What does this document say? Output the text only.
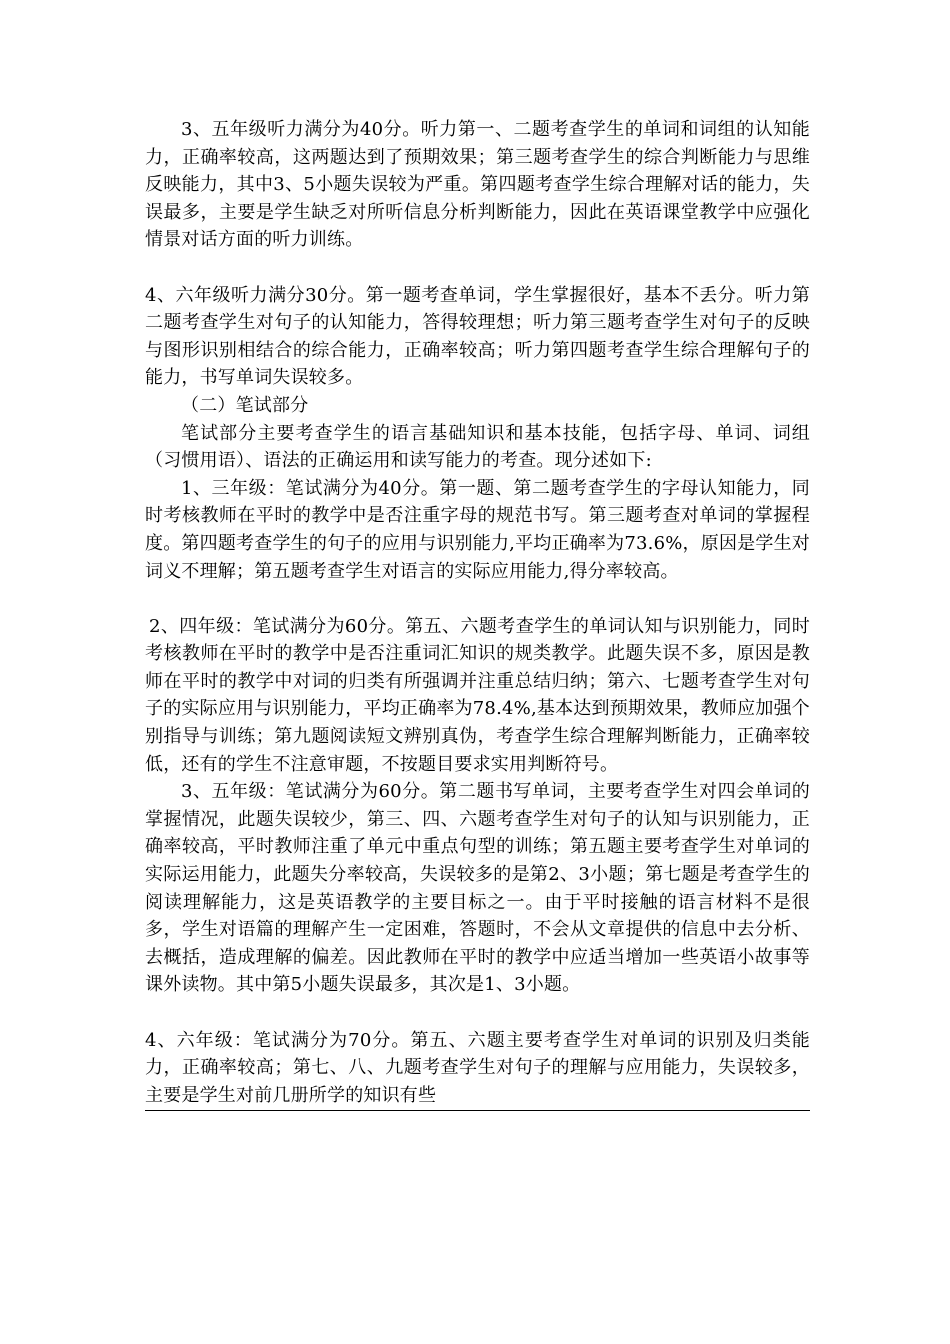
3、五年级听力满分为40分。听力第一、二题考查学生的单词和词组的认知能力，正确率较高，这两题达到了预期效果；第三题考查学生的综合判断能力与思维反映能力，其中3、5小题失误较为严重。第四题考查学生综合理解对话的能力，失误最多，主要是学生缺乏对所听信息分析判断能力，因此在英语课堂教学中应强化情景对话方面的听力训练。

4、六年级听力满分30分。第一题考查单词，学生掌握很好，基本不丢分。听力第二题考查学生对句子的认知能力，答得较理想；听力第三题考查学生对句子的反映与图形识别相结合的综合能力，正确率较高；听力第四题考查学生综合理解句子的能力，书写单词失误较多。

（二）笔试部分

笔试部分主要考查学生的语言基础知识和基本技能，包括字母、单词、词组（习惯用语）、语法的正确运用和读写能力的考查。现分述如下:

1、三年级：笔试满分为40分。第一题、第二题考查学生的字母认知能力，同时考核教师在平时的教学中是否注重字母的规范书写。第三题考查对单词的掌握程度。第四题考查学生的句子的应用与识别能力,平均正确率为73.6%，原因是学生对词义不理解；第五题考查学生对语言的实际应用能力,得分率较高。

2、四年级：笔试满分为60分。第五、六题考查学生的单词认知与识别能力，同时考核教师在平时的教学中是否注重词汇知识的规类教学。此题失误不多，原因是教师在平时的教学中对词的归类有所强调并注重总结归纳；第六、七题考查学生对句子的实际应用与识别能力，平均正确率为78.4%,基本达到预期效果，教师应加强个别指导与训练；第九题阅读短文辨别真伪，考查学生综合理解判断能力，正确率较低，还有的学生不注意审题，不按题目要求实用判断符号。

3、五年级：笔试满分为60分。第二题书写单词，主要考查学生对四会单词的掌握情况，此题失误较少，第三、四、六题考查学生对句子的认知与识别能力，正确率较高，平时教师注重了单元中重点句型的训练；第五题主要考查学生对单词的实际运用能力，此题失分率较高，失误较多的是第2、3小题；第七题是考查学生的阅读理解能力，这是英语教学的主要目标之一。由于平时接触的语言材料不是很多，学生对语篇的理解产生一定困难，答题时，不会从文章提供的信息中去分析、去概括，造成理解的偏差。因此教师在平时的教学中应适当增加一些英语小故事等课外读物。其中第5小题失误最多，其次是1、3小题。

4、六年级：笔试满分为70分。第五、六题主要考查学生对单词的识别及归类能力，正确率较高；第七、八、九题考查学生对句子的理解与应用能力，失误较多，主要是学生对前几册所学的知识有些
